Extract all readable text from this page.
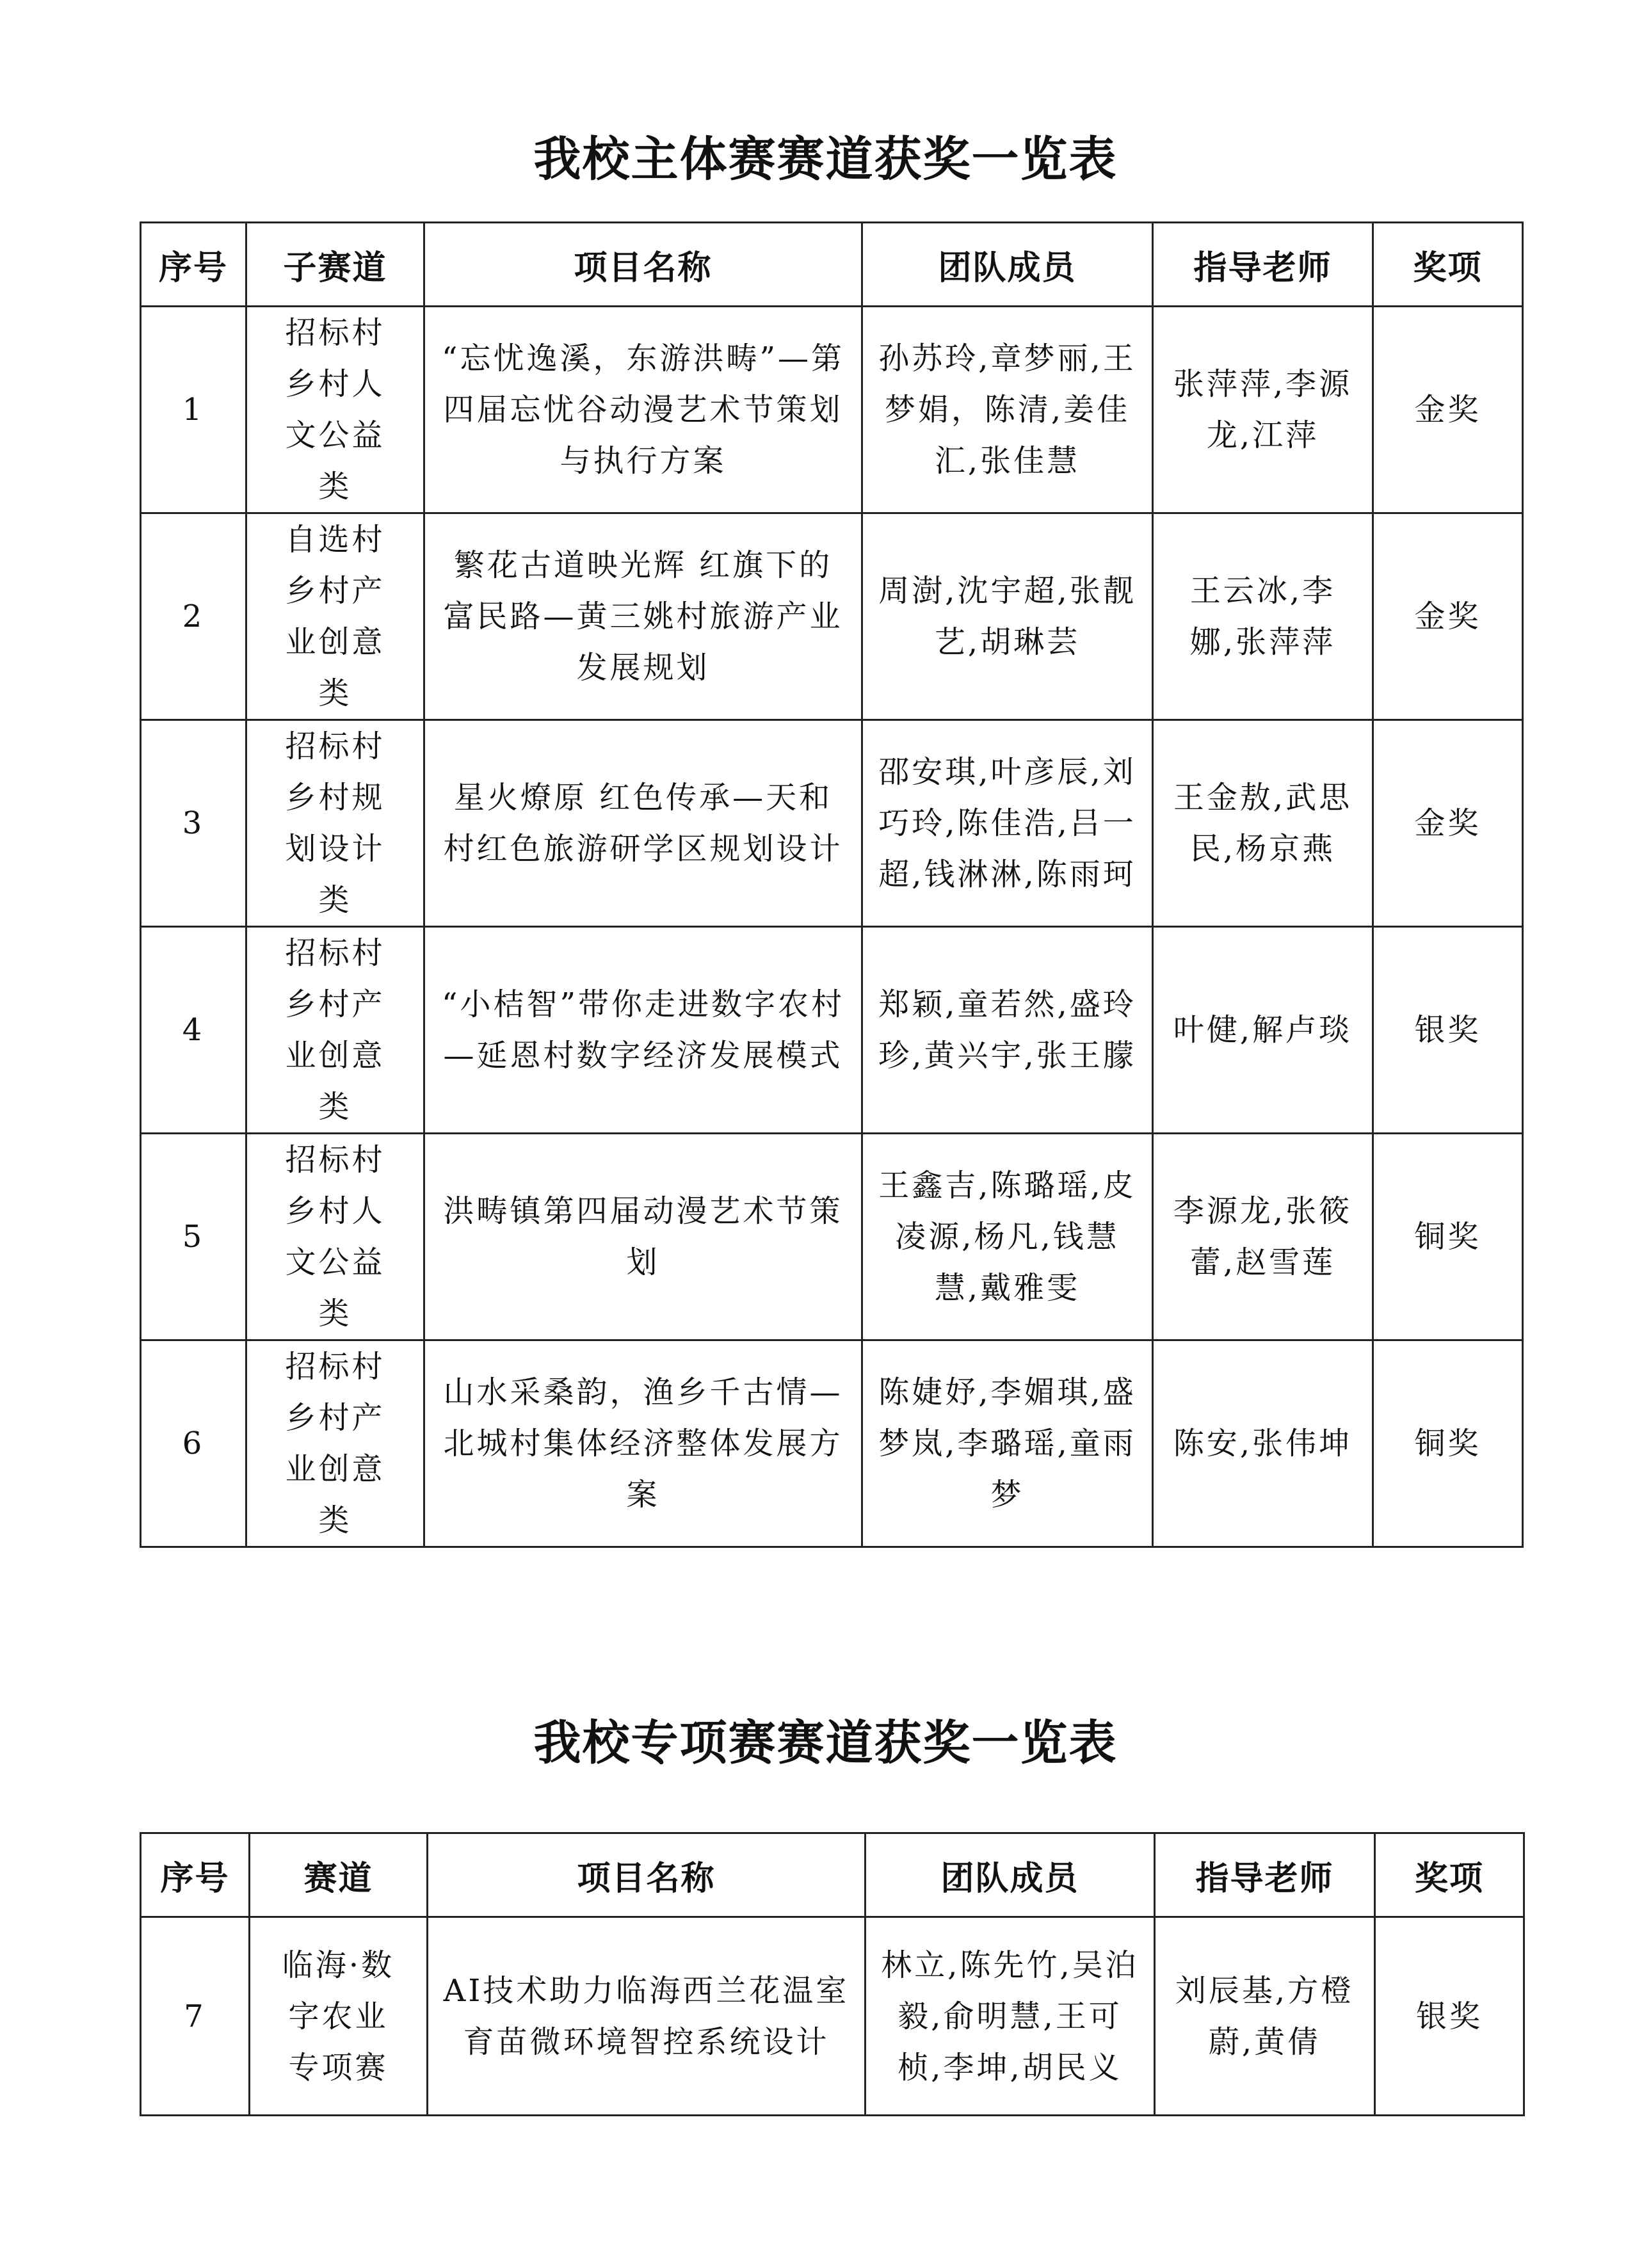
我校主体赛赛道获奖一览表
序号	子赛道	项目名称	团队成员	指导老师	奖项
1	招标村乡村人文公益类	“忘忧逸溪，东游洪畴”—第四届忘忧谷动漫艺术节策划与执行方案	孙苏玲,章梦丽,王梦娟，陈清,姜佳汇,张佳慧	张萍萍,李源龙,江萍	金奖
2	自选村乡村产业创意类	繁花古道映光辉 红旗下的富民路—黄三姚村旅游产业发展规划	周澍,沈宇超,张靓艺,胡琳芸	王云冰,李娜,张萍萍	金奖
3	招标村乡村规划设计类	星火燎原 红色传承—天和村红色旅游研学区规划设计	邵安琪,叶彦辰,刘巧玲,陈佳浩,吕一超,钱淋淋,陈雨珂	王金敖,武思民,杨京燕	金奖
4	招标村乡村产业创意类	“小桔智”带你走进数字农村—延恩村数字经济发展模式	郑颖,童若然,盛玲珍,黄兴宇,张王朦	叶健,解卢琰	银奖
5	招标村乡村人文公益类	洪畴镇第四届动漫艺术节策划	王鑫吉,陈璐瑶,皮凌源,杨凡,钱慧慧,戴雅雯	李源龙,张筱蕾,赵雪莲	铜奖
6	招标村乡村产业创意类	山水采桑韵，渔乡千古情—北城村集体经济整体发展方案	陈婕妤,李媚琪,盛梦岚,李璐瑶,童雨梦	陈安,张伟坤	铜奖
我校专项赛赛道获奖一览表
序号	赛道	项目名称	团队成员	指导老师	奖项
7	临海·数字农业专项赛	AI技术助力临海西兰花温室育苗微环境智控系统设计	林立,陈先竹,吴泊毅,俞明慧,王可桢,李坤,胡民义	刘辰基,方橙蔚,黄倩	银奖
